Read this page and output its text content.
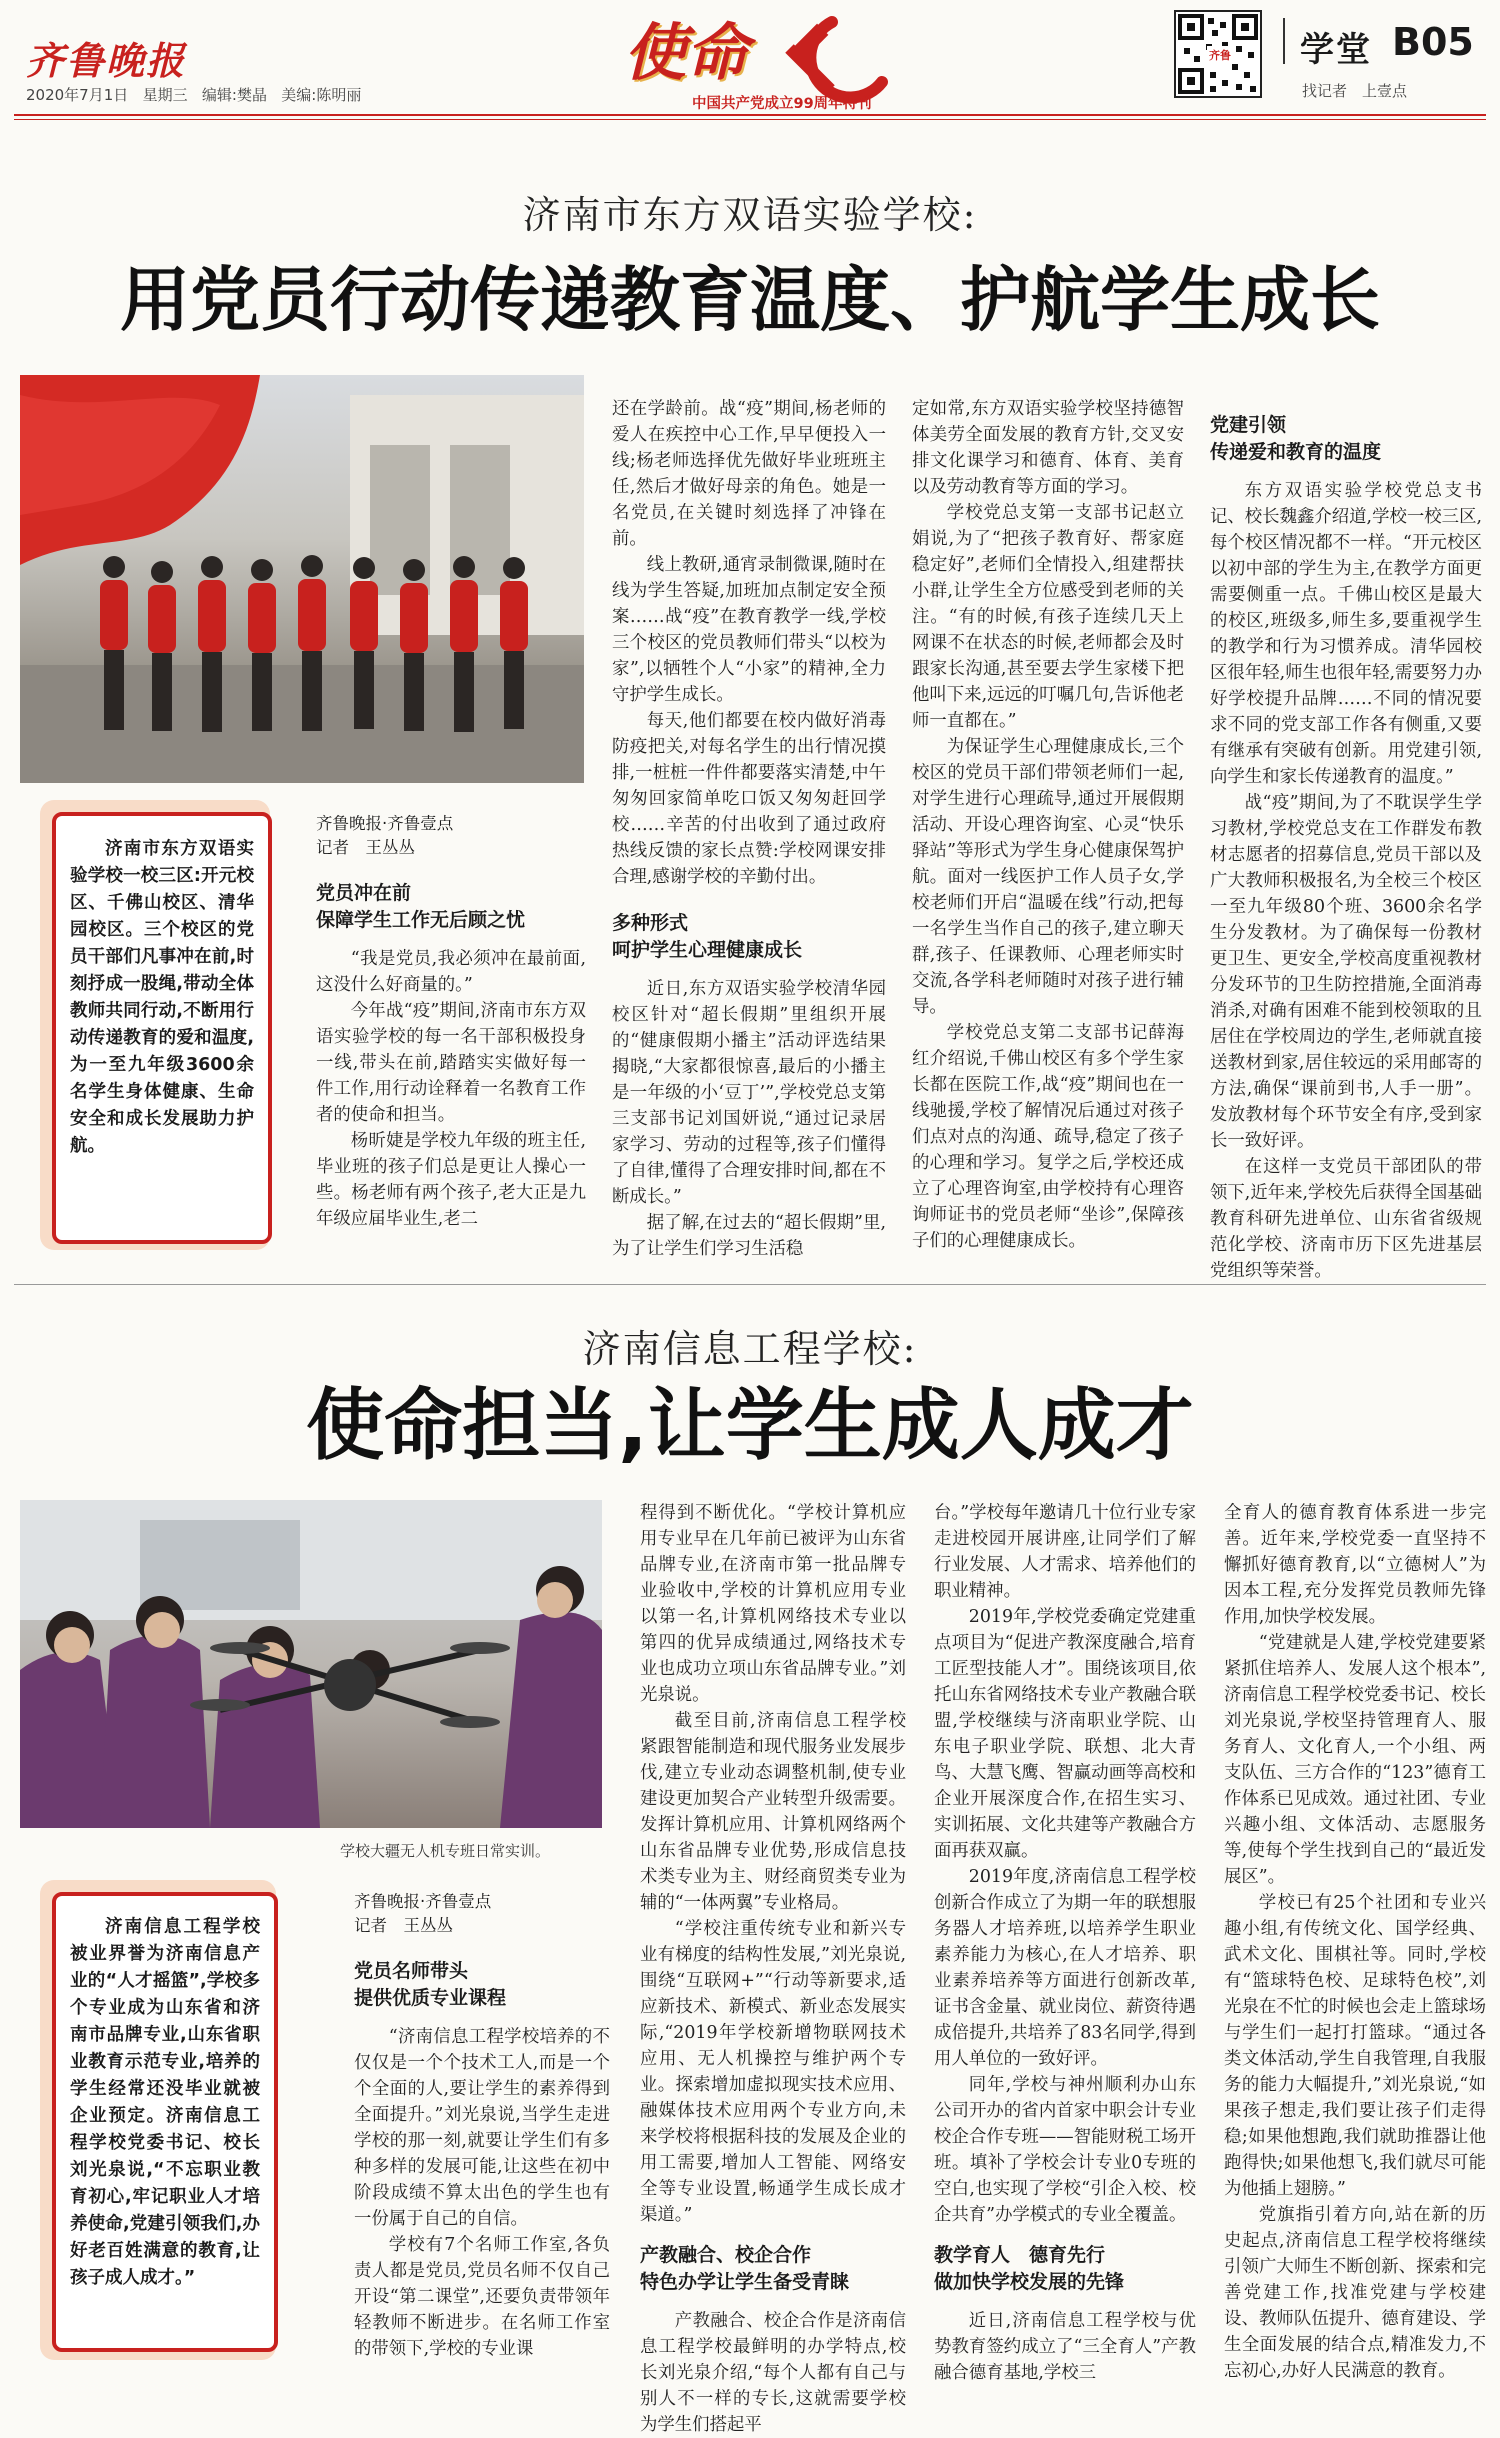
齐鲁晚报
2020年7月1日 星期三 编辑:樊晶 美编:陈明丽
使命
中国共产党成立99周年特刊
齐鲁 学堂 B05
找记者　上壹点
济南市东方双语实验学校:
用党员行动传递教育温度、护航学生成长
济南市东方双语实验学校一校三区:开元校区、千佛山校区、清华园校区。三个校区的党员干部们凡事冲在前,时刻抒成一股绳,带动全体教师共同行动,不断用行动传递教育的爱和温度,为一至九年级3600余名学生身体健康、生命安全和成长发展助力护航。
齐鲁晚报·齐鲁壹点
记者　王丛丛
党员冲在前
保障学生工作无后顾之忧

“我是党员,我必须冲在最前面,这没什么好商量的。”

今年战“疫”期间,济南市东方双语实验学校的每一名干部积极投身一线,带头在前,踏踏实实做好每一件工作,用行动诠释着一名教育工作者的使命和担当。

杨昕婕是学校九年级的班主任,毕业班的孩子们总是更让人操心一些。杨老师有两个孩子,老大正是九年级应届毕业生,老二

还在学龄前。战“疫”期间,杨老师的爱人在疾控中心工作,早早便投入一线;杨老师选择优先做好毕业班班主任,然后才做好母亲的角色。她是一名党员,在关键时刻选择了冲锋在前。

线上教研,通宵录制微课,随时在线为学生答疑,加班加点制定安全预案……战“疫”在教育教学一线,学校三个校区的党员教师们带头“以校为家”,以牺牲个人“小家”的精神,全力守护学生成长。

每天,他们都要在校内做好消毒防疫把关,对每名学生的出行情况摸排,一桩桩一件件都要落实清楚,中午匆匆回家简单吃口饭又匆匆赶回学校……辛苦的付出收到了通过政府热线反馈的家长点赞:学校网课安排合理,感谢学校的辛勤付出。

多种形式
呵护学生心理健康成长

近日,东方双语实验学校清华园校区针对“超长假期”里组织开展的“健康假期小播主”活动评选结果揭晓,“大家都很惊喜,最后的小播主是一年级的小‘豆丁’”,学校党总支第三支部书记刘国妍说,“通过记录居家学习、劳动的过程等,孩子们懂得了自律,懂得了合理安排时间,都在不断成长。”

据了解,在过去的“超长假期”里,为了让学生们学习生活稳

定如常,东方双语实验学校坚持德智体美劳全面发展的教育方针,交叉安排文化课学习和德育、体育、美育以及劳动教育等方面的学习。

学校党总支第一支部书记赵立娟说,为了“把孩子教育好、帮家庭稳定好”,老师们全情投入,组建帮扶小群,让学生全方位感受到老师的关注。“有的时候,有孩子连续几天上网课不在状态的时候,老师都会及时跟家长沟通,甚至要去学生家楼下把他叫下来,远远的叮嘱几句,告诉他老师一直都在。”

为保证学生心理健康成长,三个校区的党员干部们带领老师们一起,对学生进行心理疏导,通过开展假期活动、开设心理咨询室、心灵“快乐驿站”等形式为学生身心健康保驾护航。面对一线医护工作人员子女,学校老师们开启“温暖在线”行动,把每一名学生当作自己的孩子,建立聊天群,孩子、任课教师、心理老师实时交流,各学科老师随时对孩子进行辅导。

学校党总支第二支部书记薛海红介绍说,千佛山校区有多个学生家长都在医院工作,战“疫”期间也在一线驰援,学校了解情况后通过对孩子们点对点的沟通、疏导,稳定了孩子的心理和学习。复学之后,学校还成立了心理咨询室,由学校持有心理咨询师证书的党员老师“坐诊”,保障孩子们的心理健康成长。

党建引领
传递爱和教育的温度

东方双语实验学校党总支书记、校长魏鑫介绍道,学校一校三区,每个校区情况都不一样。“开元校区以初中部的学生为主,在教学方面更需要侧重一点。千佛山校区是最大的校区,班级多,师生多,要重视学生的教学和行为习惯养成。清华园校区很年轻,师生也很年轻,需要努力办好学校提升品牌……不同的情况要求不同的党支部工作各有侧重,又要有继承有突破有创新。用党建引领,向学生和家长传递教育的温度。”

战“疫”期间,为了不耽误学生学习教材,学校党总支在工作群发布教材志愿者的招募信息,党员干部以及广大教师积极报名,为全校三个校区一至九年级80个班、3600余名学生分发教材。为了确保每一份教材更卫生、更安全,学校高度重视教材分发环节的卫生防控措施,全面消毒消杀,对确有困难不能到校领取的且居住在学校周边的学生,老师就直接送教材到家,居住较远的采用邮寄的方法,确保“课前到书,人手一册”。发放教材每个环节安全有序,受到家长一致好评。

在这样一支党员干部团队的带领下,近年来,学校先后获得全国基础教育科研先进单位、山东省省级规范化学校、济南市历下区先进基层党组织等荣誉。

济南信息工程学校:
使命担当,让学生成人成才
学校大疆无人机专班日常实训。
济南信息工程学校被业界誉为济南信息产业的“人才摇篮”,学校多个专业成为山东省和济南市品牌专业,山东省职业教育示范专业,培养的学生经常还没毕业就被企业预定。济南信息工程学校党委书记、校长刘光泉说,“不忘职业教育初心,牢记职业人才培养使命,党建引领我们,办好老百姓满意的教育,让孩子成人成才。”
齐鲁晚报·齐鲁壹点
记者　王丛丛
党员名师带头
提供优质专业课程

“济南信息工程学校培养的不仅仅是一个个技术工人,而是一个个全面的人,要让学生的素养得到全面提升。”刘光泉说,当学生走进学校的那一刻,就要让学生们有多种多样的发展可能,让这些在初中阶段成绩不算太出色的学生也有一份属于自己的自信。

学校有7个名师工作室,各负责人都是党员,党员名师不仅自己开设“第二课堂”,还要负责带领年轻教师不断进步。在名师工作室的带领下,学校的专业课

程得到不断优化。“学校计算机应用专业早在几年前已被评为山东省品牌专业,在济南市第一批品牌专业验收中,学校的计算机应用专业以第一名,计算机网络技术专业以第四的优异成绩通过,网络技术专业也成功立项山东省品牌专业。”刘光泉说。

截至目前,济南信息工程学校紧跟智能制造和现代服务业发展步伐,建立专业动态调整机制,使专业建设更加契合产业转型升级需要。发挥计算机应用、计算机网络两个山东省品牌专业优势,形成信息技术类专业为主、财经商贸类专业为辅的“一体两翼”专业格局。

“学校注重传统专业和新兴专业有梯度的结构性发展,”刘光泉说,围绕“互联网+”“行动等新要求,适应新技术、新模式、新业态发展实际,“2019年学校新增物联网技术应用、无人机操控与维护两个专业。探索增加虚拟现实技术应用、融媒体技术应用两个专业方向,未来学校将根据科技的发展及企业的用工需要,增加人工智能、网络安全等专业设置,畅通学生成长成才渠道。”

产教融合、校企合作
特色办学让学生备受青睐

产教融合、校企合作是济南信息工程学校最鲜明的办学特点,校长刘光泉介绍,“每个人都有自己与别人不一样的专长,这就需要学校为学生们搭起平

台。”学校每年邀请几十位行业专家走进校园开展讲座,让同学们了解行业发展、人才需求、培养他们的职业精神。

2019年,学校党委确定党建重点项目为“促进产教深度融合,培育工匠型技能人才”。围绕该项目,依托山东省网络技术专业产教融合联盟,学校继续与济南职业学院、山东电子职业学院、联想、北大青鸟、大慧飞鹰、智赢动画等高校和企业开展深度合作,在招生实习、实训拓展、文化共建等产教融合方面再获双赢。

2019年度,济南信息工程学校创新合作成立了为期一年的联想服务器人才培养班,以培养学生职业素养能力为核心,在人才培养、职业素养培养等方面进行创新改革,证书含金量、就业岗位、薪资待遇成倍提升,共培养了83名同学,得到用人单位的一致好评。

同年,学校与神州顺利办山东公司开办的省内首家中职会计专业校企合作专班——智能财税工场开班。填补了学校会计专业0专班的空白,也实现了学校“引企入校、校企共育”办学模式的专业全覆盖。

教学育人　德育先行
做加快学校发展的先锋

近日,济南信息工程学校与优势教育签约成立了“三全育人”产教融合德育基地,学校三

全育人的德育教育体系进一步完善。近年来,学校党委一直坚持不懈抓好德育教育,以“立德树人”为因本工程,充分发挥党员教师先锋作用,加快学校发展。

“党建就是人建,学校党建要紧紧抓住培养人、发展人这个根本”,济南信息工程学校党委书记、校长刘光泉说,学校坚持管理育人、服务育人、文化育人,一个小组、两支队伍、三方合作的“123”德育工作体系已见成效。通过社团、专业兴趣小组、文体活动、志愿服务等,使每个学生找到自己的“最近发展区”。

学校已有25个社团和专业兴趣小组,有传统文化、国学经典、武术文化、围棋社等。同时,学校有“篮球特色校、足球特色校”,刘光泉在不忙的时候也会走上篮球场与学生们一起打打篮球。“通过各类文体活动,学生自我管理,自我服务的能力大幅提升,”刘光泉说,“如果孩子想走,我们要让孩子们走得稳;如果他想跑,我们就助推器让他跑得快;如果他想飞,我们就尽可能为他插上翅膀。”

党旗指引着方向,站在新的历史起点,济南信息工程学校将继续引领广大师生不断创新、探索和完善党建工作,找准党建与学校建设、教师队伍提升、德育建设、学生全面发展的结合点,精准发力,不忘初心,办好人民满意的教育。
